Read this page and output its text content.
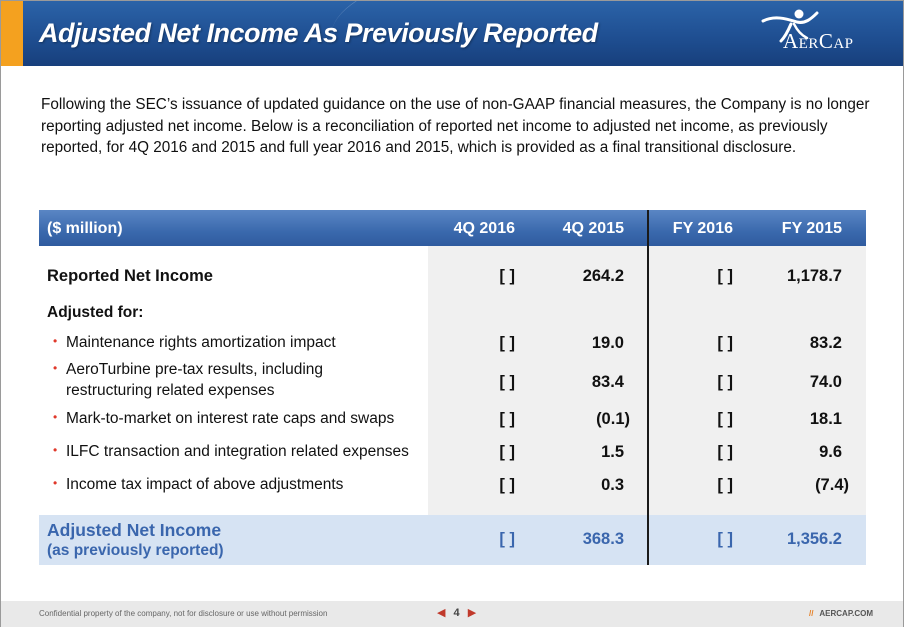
Adjusted Net Income As Previously Reported	AerCap

Following the SEC’s issuance of updated guidance on the use of non-GAAP financial measures, the Company is no longer reporting adjusted net income. Below is a reconciliation of reported net income to adjusted net income, as previously reported, for 4Q 2016 and 2015 and full year 2016 and 2015, which is provided as a final transitional disclosure.

($ million)	4Q 2016	4Q 2015	FY 2016	FY 2015
Reported Net Income	[ ]	264.2	[ ]	1,178.7
Adjusted for:
• Maintenance rights amortization impact	[ ]	19.0	[ ]	83.2
• AeroTurbine pre-tax results, including
restructuring related expenses	[ ]	83.4	[ ]	74.0
• Mark-to-market on interest rate caps and swaps	[ ]	(0.1)	[ ]	18.1
• ILFC transaction and integration related expenses	[ ]	1.5	[ ]	9.6
• Income tax impact of above adjustments	[ ]	0.3	[ ]	(7.4)
Adjusted Net Income
(as previously reported)
[ ]	368.3	[ ]	1,356.2
Confidential property of the company, not for disclosure or use without permission	◀ 4 ▶	// AERCAP.COM
